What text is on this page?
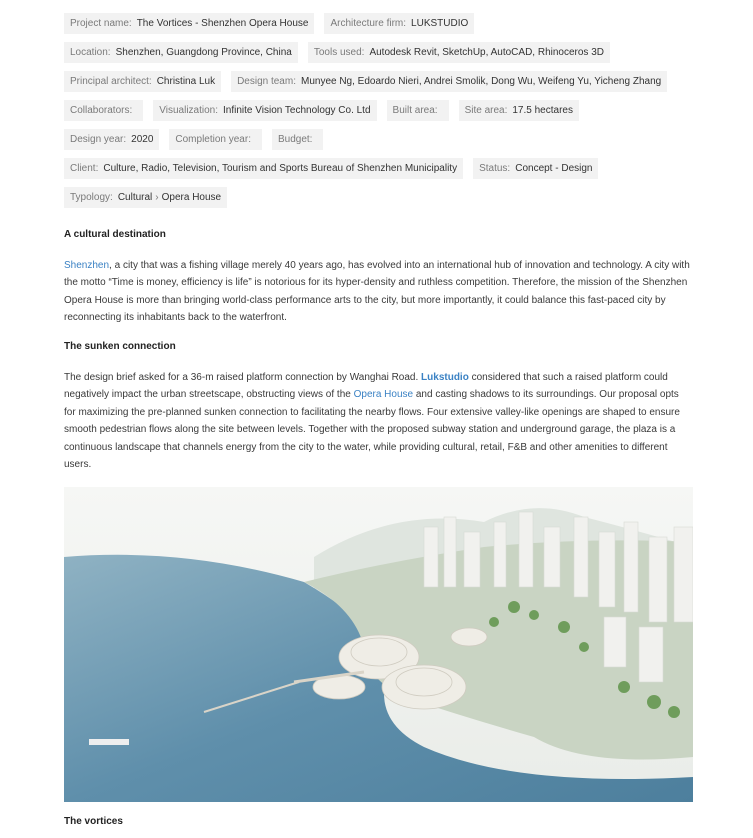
Project name: The Vortices - Shenzhen Opera House Architecture firm: LUKSTUDIO
Location: Shenzhen, Guangdong Province, China Tools used: Autodesk Revit, SketchUp, AutoCAD, Rhinoceros 3D
Principal architect: Christina Luk Design team: Munyee Ng, Edoardo Nieri, Andrei Smolik, Dong Wu, Weifeng Yu, Yicheng Zhang
Collaborators:	Visualization: Infinite Vision Technology Co. Ltd Built area:	Site area: 17.5 hectares
Design year: 2020 Completion year:	Budget:
Client: Culture, Radio, Television, Tourism and Sports Bureau of Shenzhen Municipality Status: Concept - Design
Typology: Cultural › Opera House
A cultural destination

Shenzhen, a city that was a fishing village merely 40 years ago, has evolved into an international hub of innovation and technology. A city with the motto “Time is money, efficiency is life” is notorious for its hyper-density and ruthless competition. Therefore, the mission of the Shenzhen Opera House is more than bringing world-class performance arts to the city, but more importantly, it could balance this fast-paced city by reconnecting its inhabitants back to the waterfront.

The sunken connection

The design brief asked for a 36-m raised platform connection by Wanghai Road. Lukstudio considered that such a raised platform could negatively impact the urban streetscape, obstructing views of the Opera House and casting shadows to its surroundings. Our proposal opts for maximizing the pre-planned sunken connection to facilitating the nearby flows. Four extensive valley-like openings are shaped to ensure smooth pedestrian flows along the site between levels. Together with the proposed subway station and underground garage, the plaza is a continuous landscape that channels energy from the city to the water, while providing cultural, retail, F&B and other amenities to different users.

The vortices
